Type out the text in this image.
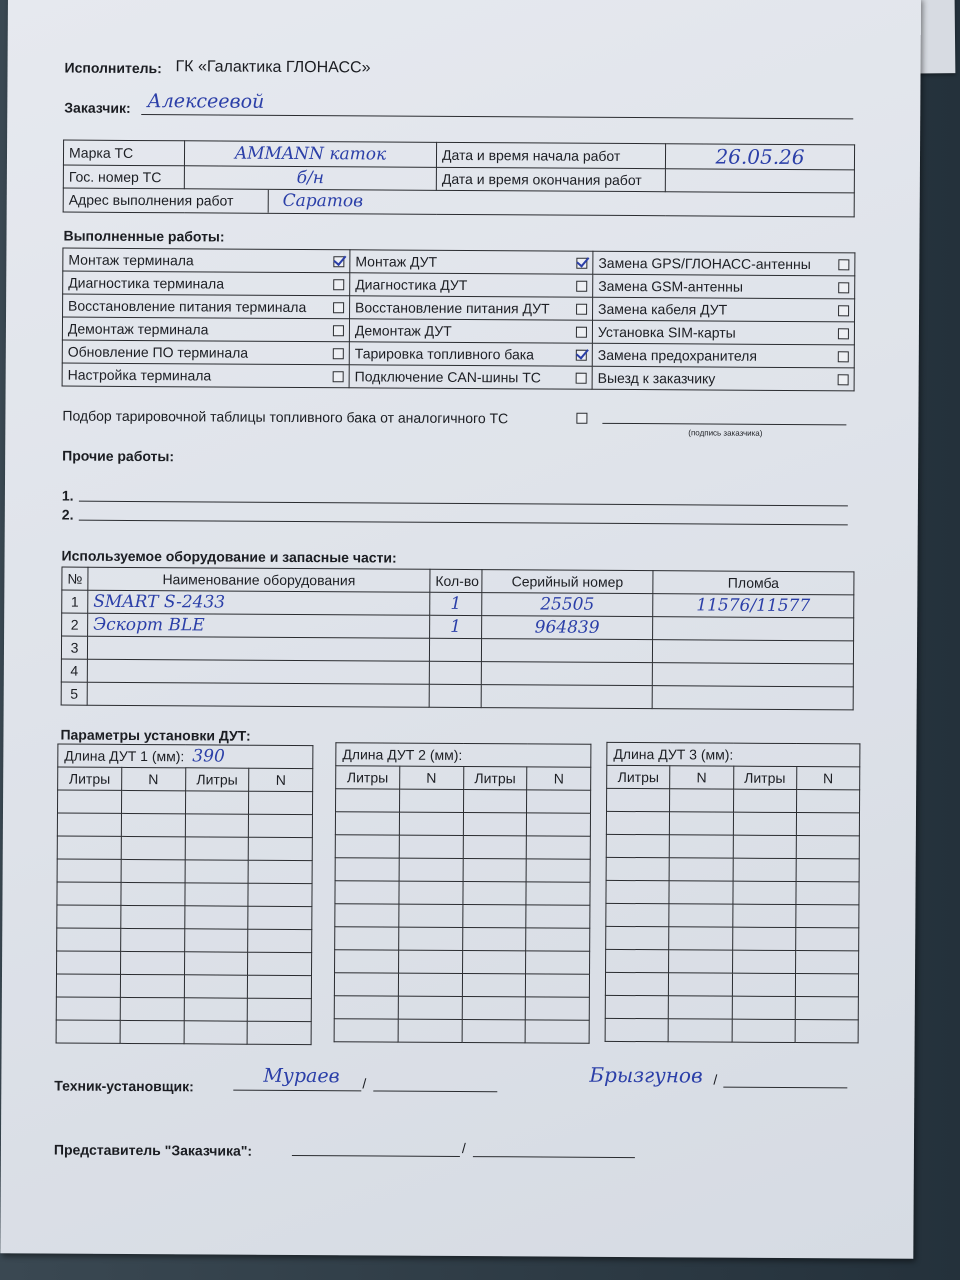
Исполнитель: ГК «Галактика ГЛОНАСС»
Заказчик: Алексеевой
Марка ТС	AMMANN каток	Дата и время начала работ	26.05.26
Гос. номер ТС	б/н	Дата и время окончания работ	
Адрес выполнения работ Саратов			
Выполненные работы:
Монтаж терминала	Монтаж ДУТ	Замена GPS/ГЛОНАСС-антенны

Диагностика терминала	Диагностика ДУТ	Замена GSM-антенны

Восстановление питания терминала	Восстановление питания ДУТ	Замена кабеля ДУТ

Демонтаж терминала	Демонтаж ДУТ	Установка SIM-карты

Обновление ПО терминала	Тарировка топливного бака	Замена предохранителя

Настройка терминала	Подключение CAN-шины ТС	Выезд к заказчику
Подбор тарировочной таблицы топливного бака от аналогичного ТС
(подпись заказчика)
Прочие работы:
1.
2.
Используемое оборудование и запасные части:
№	Наименование оборудования	Кол-во	Серийный номер	Пломба
1	SMART S-2433	1	25505	11576/11577
2	Эскорт BLE	1	964839	
3				
4				
5				
Параметры установки ДУТ:
Длина ДУТ 1 (мм): 390			
Литры	N	Литры	N

Длина ДУТ 2 (мм):			
Литры	N	Литры	N

Длина ДУТ 3 (мм):			
Литры	N	Литры	N

Техник-установщик:	/
Мураев	Брызгунов /
Представитель "Заказчика":	/
